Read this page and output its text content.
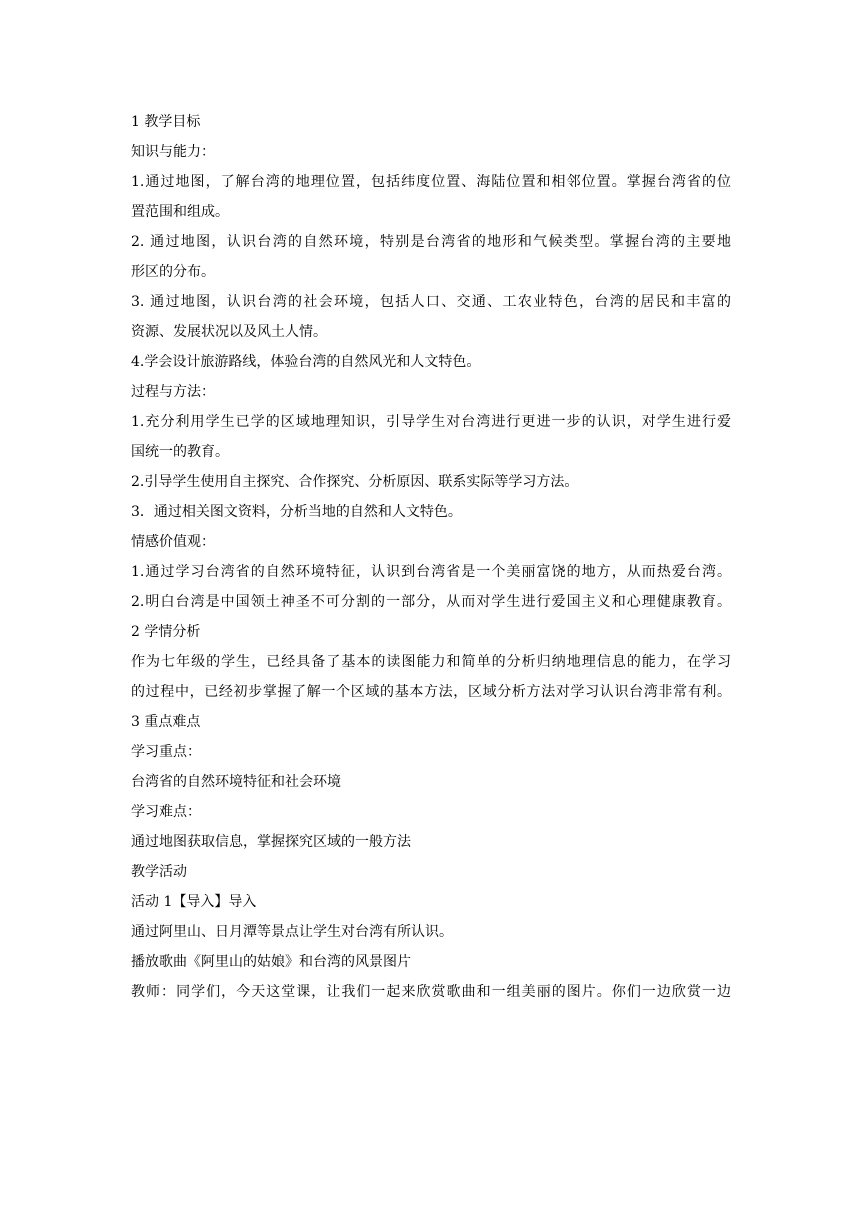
1 教学目标
知识与能力：
1.通过地图，了解台湾的地理位置，包括纬度位置、海陆位置和相邻位置。掌握台湾省的位
置范围和组成。
2. 通过地图，认识台湾的自然环境，特别是台湾省的地形和气候类型。掌握台湾的主要地
形区的分布。
3. 通过地图，认识台湾的社会环境，包括人口、交通、工农业特色，台湾的居民和丰富的
资源、发展状况以及风土人情。
4.学会设计旅游路线，体验台湾的自然风光和人文特色。
过程与方法：
1.充分利用学生已学的区域地理知识，引导学生对台湾进行更进一步的认识，对学生进行爱
国统一的教育。
2.引导学生使用自主探究、合作探究、分析原因、联系实际等学习方法。
3．通过相关图文资料，分析当地的自然和人文特色。
情感价值观：
1.通过学习台湾省的自然环境特征，认识到台湾省是一个美丽富饶的地方，从而热爱台湾。
2.明白台湾是中国领土神圣不可分割的一部分，从而对学生进行爱国主义和心理健康教育。
2 学情分析
作为七年级的学生，已经具备了基本的读图能力和简单的分析归纳地理信息的能力，在学习
的过程中，已经初步掌握了解一个区域的基本方法，区域分析方法对学习认识台湾非常有利。
3 重点难点
学习重点：
台湾省的自然环境特征和社会环境
学习难点：
通过地图获取信息，掌握探究区域的一般方法
教学活动
活动 1【导入】导入
通过阿里山、日月潭等景点让学生对台湾有所认识。
播放歌曲《阿里山的姑娘》和台湾的风景图片
教师：同学们，今天这堂课，让我们一起来欣赏歌曲和一组美丽的图片。你们一边欣赏一边
